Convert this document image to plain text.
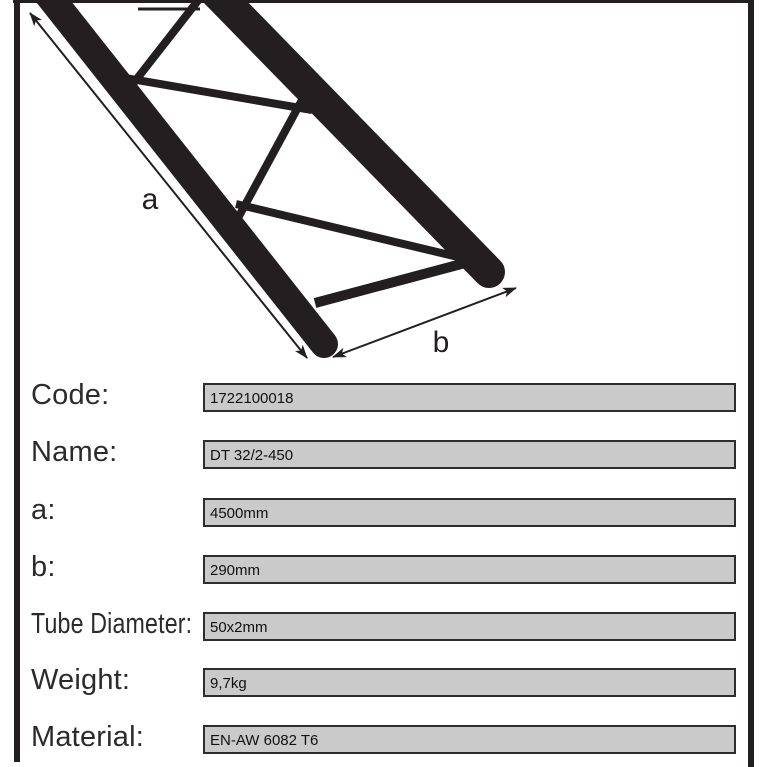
a
b
Code:	1722100018
Name:	DT 32/2-450
a:	4500mm
b:	290mm
Tube Diameter:	50x2mm
Weight:	9,7kg
Material:	EN-AW 6082 T6
